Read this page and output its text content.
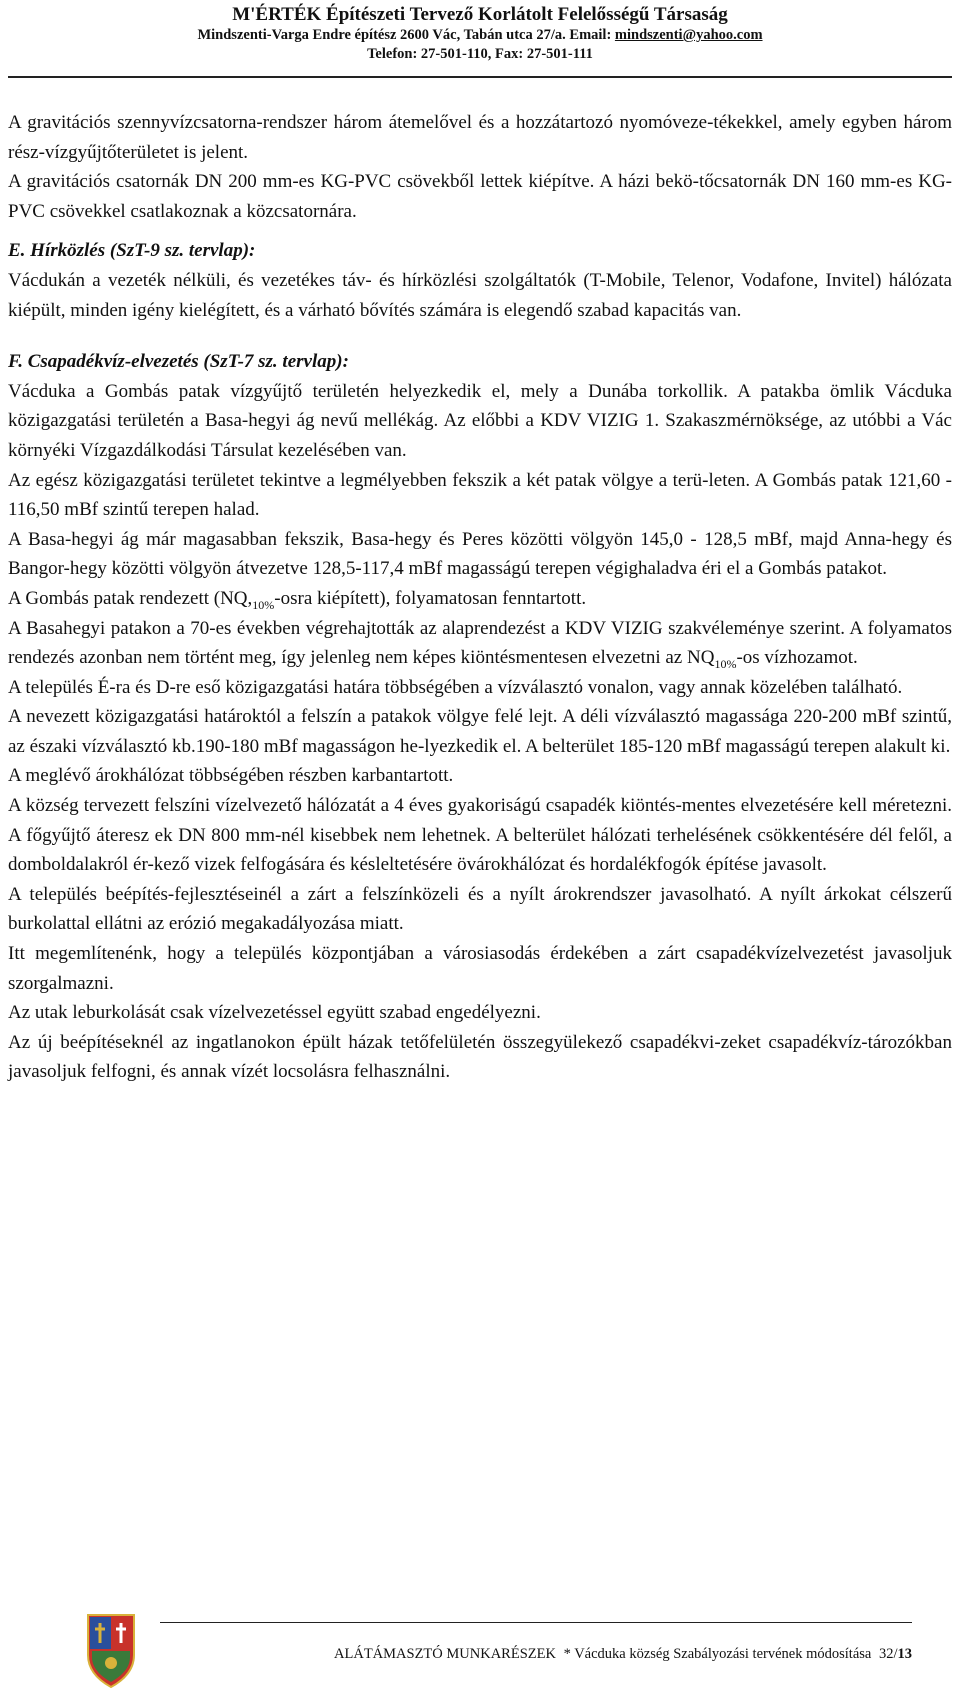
M'ÉRTÉK Építészeti Tervező Korlátolt Felelősségű Társaság
Mindszenti-Varga Endre építész 2600 Vác, Tabán utca 27/a. Email: mindszenti@yahoo.com
Telefon: 27-501-110, Fax: 27-501-111

A gravitációs szennyvízcsatorna-rendszer három átemelővel és a hozzátartozó nyomóveze-tékekkel, amely egyben három rész-vízgyűjtőterületet is jelent.

A gravitációs csatornák DN 200 mm-es KG-PVC csövekből lettek kiépítve. A házi bekö-tőcsatornák DN 160 mm-es KG-PVC csövekkel csatlakoznak a közcsatornára.

E. Hírközlés (SzT-9 sz. tervlap):

Vácdukán a vezeték nélküli, és vezetékes táv- és hírközlési szolgáltatók (T-Mobile, Telenor, Vodafone, Invitel) hálózata kiépült, minden igény kielégített, és a várható bővítés számára is elegendő szabad kapacitás van.

F. Csapadékvíz-elvezetés (SzT-7 sz. tervlap):

Vácduka a Gombás patak vízgyűjtő területén helyezkedik el, mely a Dunába torkollik. A patakba ömlik Vácduka közigazgatási területén a Basa-hegyi ág nevű mellékág. Az előbbi a KDV VIZIG 1. Szakaszmérnöksége, az utóbbi a Vác környéki Vízgazdálkodási Társulat kezelésében van.

Az egész közigazgatási területet tekintve a legmélyebben fekszik a két patak völgye a terü-leten. A Gombás patak 121,60 - 116,50 mBf szintű terepen halad.

A Basa-hegyi ág már magasabban fekszik, Basa-hegy és Peres közötti völgyön 145,0 - 128,5 mBf, majd Anna-hegy és Bangor-hegy közötti völgyön átvezetve 128,5-117,4 mBf magasságú terepen végighaladva éri el a Gombás patakot.

A Gombás patak rendezett ($NQ,_{10\%}$-osra kiépített), folyamatosan fenntartott.

A Basahegyi patakon a 70-es években végrehajtották az alaprendezést a KDV VIZIG szakvéleménye szerint. A folyamatos rendezés azonban nem történt meg, így jelenleg nem képes kiöntésmentesen elvezetni az $NQ_{10\%}-os$ vízhozamot.

A település É-ra és D-re eső közigazgatási határa többségében a vízválasztó vonalon, vagy annak közelében található.

A nevezett közigazgatási határoktól a felszín a patakok völgye felé lejt. A déli vízválasztó magassága 220-200 mBf szintű, az északi vízválasztó kb.190-180 mBf magasságon he-lyezkedik el. A belterület 185-120 mBf magasságú terepen alakult ki.

A meglévő árokhálózat többségében részben karbantartott.

A község tervezett felszíni vízelvezető hálózatát a 4 éves gyakoriságú csapadék kiöntés-mentes elvezetésére kell méretezni. A főgyűjtő áteresz ek DN 800 mm-nél kisebbek nem lehetnek. A belterület hálózati terhelésének csökkentésére dél felől, a domboldalakról ér-kező vizek felfogására és késleltetésére övárokhálózat és hordalékfogók építése javasolt.

A település beépítés-fejlesztéseinél a zárt a felszínközeli és a nyílt árokrendszer javasolható. A nyílt árkokat célszerű burkolattal ellátni az erózió megakadályozása miatt.

Itt megemlítenénk, hogy a település központjában a városiasodás érdekében a zárt csapadékvízelvezetést javasoljuk szorgalmazni.

Az utak leburkolását csak vízelvezetéssel együtt szabad engedélyezni.

Az új beépítéseknél az ingatlanokon épült házak tetőfelületén összegyülekező csapadékvi-zeket csapadékvíz-tározókban javasoljuk felfogni, és annak vízét locsolásra felhasználni.

ALÁTÁMASZTÓ MUNKARÉSZEK * Vácduka község Szabályozási tervének módosítása 32/13
